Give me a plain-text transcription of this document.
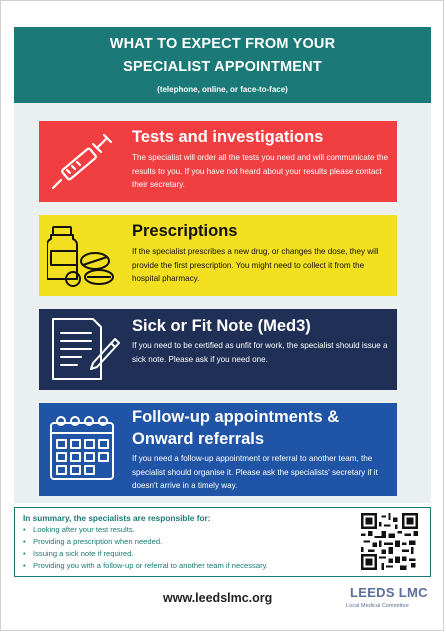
WHAT TO EXPECT FROM YOUR
SPECIALIST APPOINTMENT
(telephone, online, or face-to-face)
Tests and investigations
The specialist will order all the tests you need and will communicate the results to you. If you have not heard about your results please contact their secretary.
Prescriptions
If the specialist prescribes a new drug, or changes the dose, they will provide the first prescription. You might need to collect it from the hospital pharmacy.
Sick or Fit Note (Med3)
If you need to be certified as unfit for work, the specialist should issue a sick note. Please ask if you need one.
Follow-up appointments &
Onward referrals
If you need a follow-up appointment or referral to another team, the specialist should organise it. Please ask the specialists' secretary if it doesn't arrive in a timely way.
In summary, the specialists are responsible for:
• Looking after your test results.
• Providing a prescription when needed.
• Issuing a sick note if required.
• Providing you with a follow-up or referral to another team if necessary.
www.leedslmc.org	LEEDS LMC
Local Medical Committee
